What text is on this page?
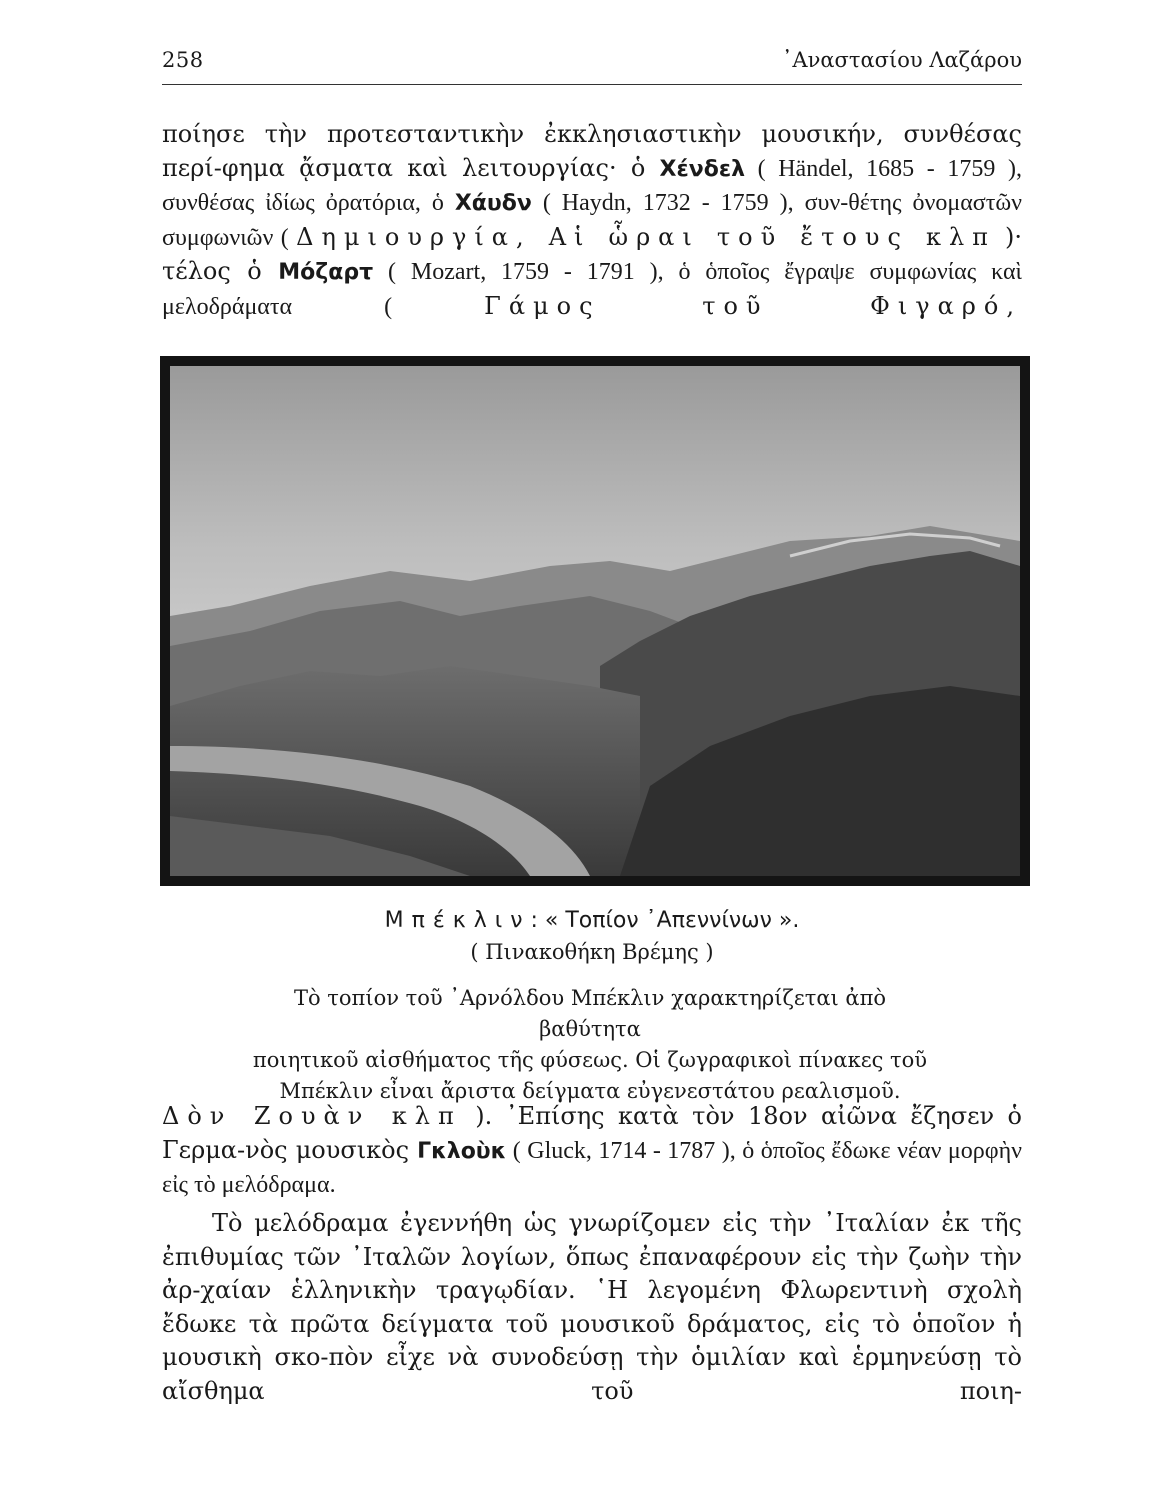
258	᾿Αναστασίου Λαζάρου

ποίησε τὴν προτεσταντικὴν ἐκκλησιαστικὴν μουσικήν, συνθέσας περί-φημα ᾄσματα καὶ λειτουργίας· ὁ Χένδελ ( Händel, 1685 - 1759 ), συνθέσας ἰδίως ὀρατόρια, ὁ Χάυδν ( Haydn, 1732 - 1759 ), συν-θέτης ὀνομαστῶν συμφωνιῶν ( Δημιουργία, Αἱ ὧραι τοῦ ἔτους κλπ )· τέλος ὁ Μόζαρτ ( Mozart, 1759 - 1791 ), ὁ ὁποῖος ἔγραψε συμφωνίας καὶ μελοδράματα ( Γάμος τοῦ Φιγαρό,

Μπέκλιν: « Τοπίον ᾿Απεννίνων ».

( Πινακοθήκη Βρέμης )

Τὸ τοπίον τοῦ ᾿Αρνόλδου Μπέκλιν χαρακτηρίζεται ἀπὸ βαθύτητα
ποιητικοῦ αἰσθήματος τῆς φύσεως. Οἱ ζωγραφικοὶ πίνακες τοῦ
Μπέκλιν εἶναι ἄριστα δείγματα εὐγενεστάτου ρεαλισμοῦ.

Δὸν Ζουὰν κλπ ). ᾿Επίσης κατὰ τὸν 18ον αἰῶνα ἔζησεν ὁ Γερμα-νὸς μουσικὸς Γκλοὺκ ( Gluck, 1714 - 1787 ), ὁ ὁποῖος ἔδωκε νέαν μορφὴν εἰς τὸ μελόδραμα.

Τὸ μελόδραμα ἐγεννήθη ὡς γνωρίζομεν εἰς τὴν ᾿Ιταλίαν ἐκ τῆς ἐπιθυμίας τῶν ᾿Ιταλῶν λογίων, ὅπως ἐπαναφέρουν εἰς τὴν ζωὴν τὴν ἀρ-χαίαν ἑλληνικὴν τραγῳδίαν. ῾Η λεγομένη Φλωρεντινὴ σχολὴ ἔδωκε τὰ πρῶτα δείγματα τοῦ μουσικοῦ δράματος, εἰς τὸ ὁποῖον ἡ μουσικὴ σκο-πὸν εἶχε νὰ συνοδεύσῃ τὴν ὁμιλίαν καὶ ἑρμηνεύσῃ τὸ αἴσθημα τοῦ ποιη-
